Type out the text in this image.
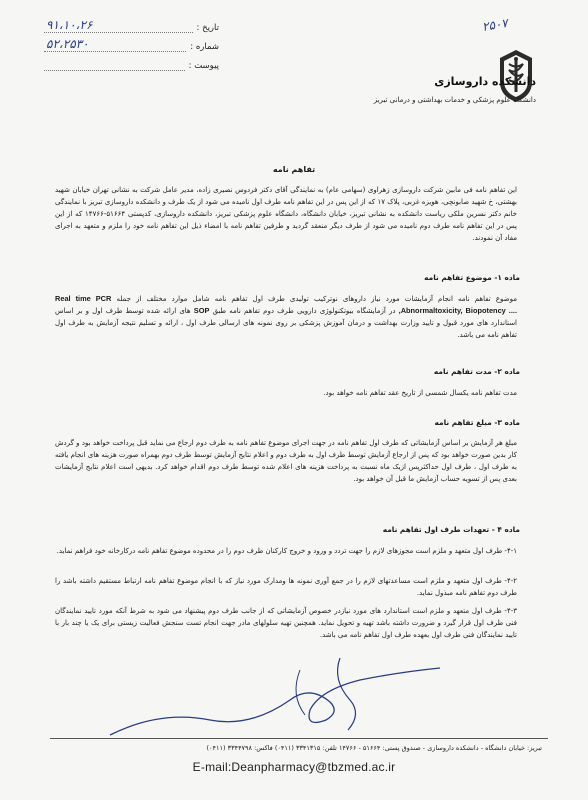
تاریخ :
۹۱،۱۰،۲۶
شماره :
۵۲،۲۵۳۰
پیوست :
۲۵۰۷
دانشکده داروسازی
دانشگاه علوم پزشکی و خدمات بهداشتی و درمانی تبریز
تفاهم نامه
این تفاهم نامه فی مابین شرکت داروسازی زهراوی (سهامی عام) به نمایندگی آقای دکتر فردوس نصیری زاده، مدیر عامل شرکت به نشانی تهران خیابان شهید بهشتی، خ شهید صابونچی، هویزه غربی، پلاک ۱۷ که از این پس در این تفاهم نامه طرف اول نامیده می شود از یک طرف و دانشکده داروسازی تبریز با نمایندگی خانم دکتر نسرین ملکی ریاست دانشکده به نشانی تبریز، خیابان دانشگاه، دانشگاه علوم پزشکی تبریز، دانشکده داروسازی، کدپستی ۵۱۶۶۴-۱۴۷۶۶ که از این پس در این تفاهم نامه طرف دوم نامیده می شود از طرف دیگر منعقد گردید و طرفین تفاهم نامه با امضاء ذیل این تفاهم نامه خود را ملزم و متعهد به اجرای مفاد آن نمودند.
ماده ۱- موضوع تفاهم نامه
موضوع تفاهم نامه انجام آزمایشات مورد نیاز داروهای نوترکیب تولیدی طرف اول تفاهم نامه شامل موارد مختلف از جمله Real time PCR ,Abnormaltoxicity, Biopotency .... در آزمایشگاه بیوتکنولوژی دارویی طرف دوم تفاهم نامه طبق SOP های ارائه شده توسط طرف اول و بر اساس استاندارد های مورد قبول و تایید وزارت بهداشت و درمان آموزش پزشکی بر روی نمونه های ارسالی طرف اول ، ارائه و تسلیم نتیجه آزمایش به طرف اول تفاهم نامه می باشد.
ماده ۲- مدت تفاهم نامه
مدت تفاهم نامه یکسال شمسی از تاریخ عقد تفاهم نامه خواهد بود.
ماده ۳- مبلغ تفاهم نامه
مبلغ هر آزمایش بر اساس آزمایشاتی که طرف اول تفاهم نامه در جهت اجرای موضوع تفاهم نامه به طرف دوم ارجاع می نماید قبل پرداخت خواهد بود و گردش کار بدین صورت خواهد بود که پس از ارجاع آزمایش توسط طرف اول به طرف دوم و اعلام نتایج آزمایش توسط طرف دوم بهمراه صورت هزینه های انجام یافته به طرف اول ، طرف اول حداکثرپس ازیک ماه نسبت به پرداخت هزینه های اعلام شده توسط طرف دوم اقدام خواهد کرد. بدیهی است اعلام نتایج آزمایشات بعدی پس از تسویه حساب آزمایش ما قبل آن خواهد بود.
ماده ۴ - تعهدات طرف اول تفاهم نامه
۴-۱- طرف اول متعهد و ملزم است مجوزهای لازم را جهت تردد و ورود و خروج کارکنان طرف دوم را در محدوده موضوع تفاهم نامه درکارخانه خود فراهم نماید.
۴-۲- طرف اول متعهد و ملزم است مساعدتهای لازم را در جمع آوری نمونه ها ومدارک مورد نیاز که با انجام موضوع تفاهم نامه ارتباط مستقیم داشته باشد را طرف دوم تفاهم نامه مبذول نماید.
۴-۳- طرف اول متعهد و ملزم است استاندارد های مورد نیازدر خصوص آزمایشاتی که از جانب طرف دوم پیشنهاد می شود به شرط آنکه مورد تایید نمایندگان فنی طرف اول قرار گیرد و ضرورت داشته باشد تهیه و تحویل نماید. همچنین تهیه سلولهای مادر جهت انجام تست سنجش فعالیت زیستی برای یک یا چند بار با تایید نمایندگان فنی طرف اول بعهده طرف اول تفاهم نامه می باشد.
تبریز: خیابان دانشگاه - دانشکده داروسازی - صندوق پستی: ۵۱۶۶۴ - ۱۴۷۶۶ تلفن: ۳۳۴۱۳۱۵ (۰۴۱۱) فاکس: ۳۳۴۴۷۹۸ (۰۴۱۱)
E-mail:Deanpharmacy@tbzmed.ac.ir
